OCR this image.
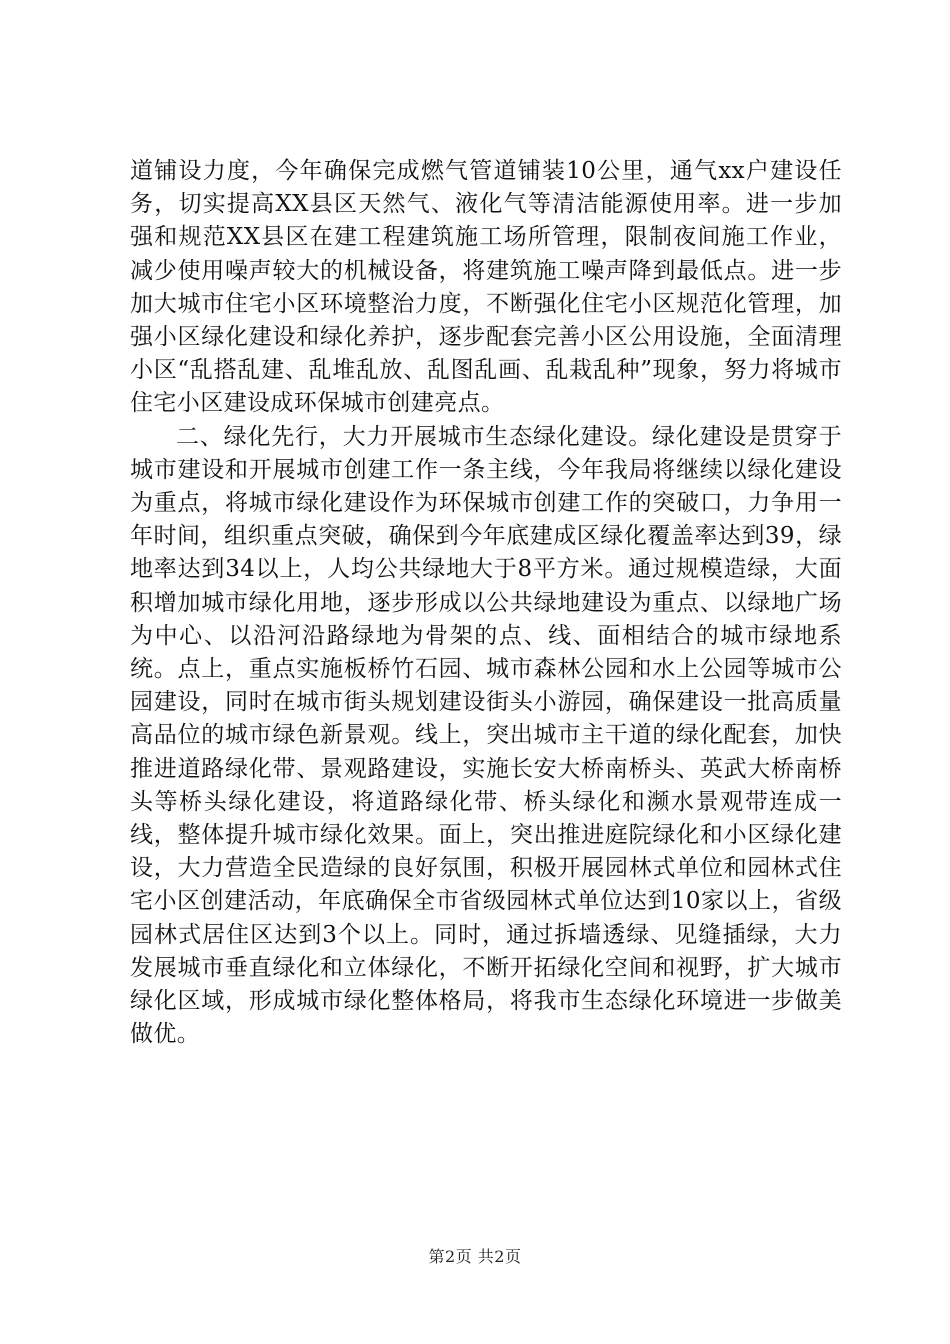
道铺设力度，今年确保完成燃气管道铺装10公里，通气xx户建设任务，切实提高XX县区天然气、液化气等清洁能源使用率。进一步加强和规范XX县区在建工程建筑施工场所管理，限制夜间施工作业，减少使用噪声较大的机械设备，将建筑施工噪声降到最低点。进一步加大城市住宅小区环境整治力度，不断强化住宅小区规范化管理，加强小区绿化建设和绿化养护，逐步配套完善小区公用设施，全面清理小区“乱搭乱建、乱堆乱放、乱图乱画、乱栽乱种”现象，努力将城市住宅小区建设成环保城市创建亮点。

二、绿化先行，大力开展城市生态绿化建设。绿化建设是贯穿于城市建设和开展城市创建工作一条主线，今年我局将继续以绿化建设为重点，将城市绿化建设作为环保城市创建工作的突破口，力争用一年时间，组织重点突破，确保到今年底建成区绿化覆盖率达到39，绿地率达到34以上，人均公共绿地大于8平方米。通过规模造绿，大面积增加城市绿化用地，逐步形成以公共绿地建设为重点、以绿地广场为中心、以沿河沿路绿地为骨架的点、线、面相结合的城市绿地系统。点上，重点实施板桥竹石园、城市森林公园和水上公园等城市公园建设，同时在城市街头规划建设街头小游园，确保建设一批高质量高品位的城市绿色新景观。线上，突出城市主干道的绿化配套，加快推进道路绿化带、景观路建设，实施长安大桥南桥头、英武大桥南桥头等桥头绿化建设，将道路绿化带、桥头绿化和濒水景观带连成一线，整体提升城市绿化效果。面上，突出推进庭院绿化和小区绿化建设，大力营造全民造绿的良好氛围，积极开展园林式单位和园林式住宅小区创建活动，年底确保全市省级园林式单位达到10家以上，省级园林式居住区达到3个以上。同时，通过拆墙透绿、见缝插绿，大力发展城市垂直绿化和立体绿化，不断开拓绿化空间和视野，扩大城市绿化区域，形成城市绿化整体格局，将我市生态绿化环境进一步做美做优。

第2页 共2页
